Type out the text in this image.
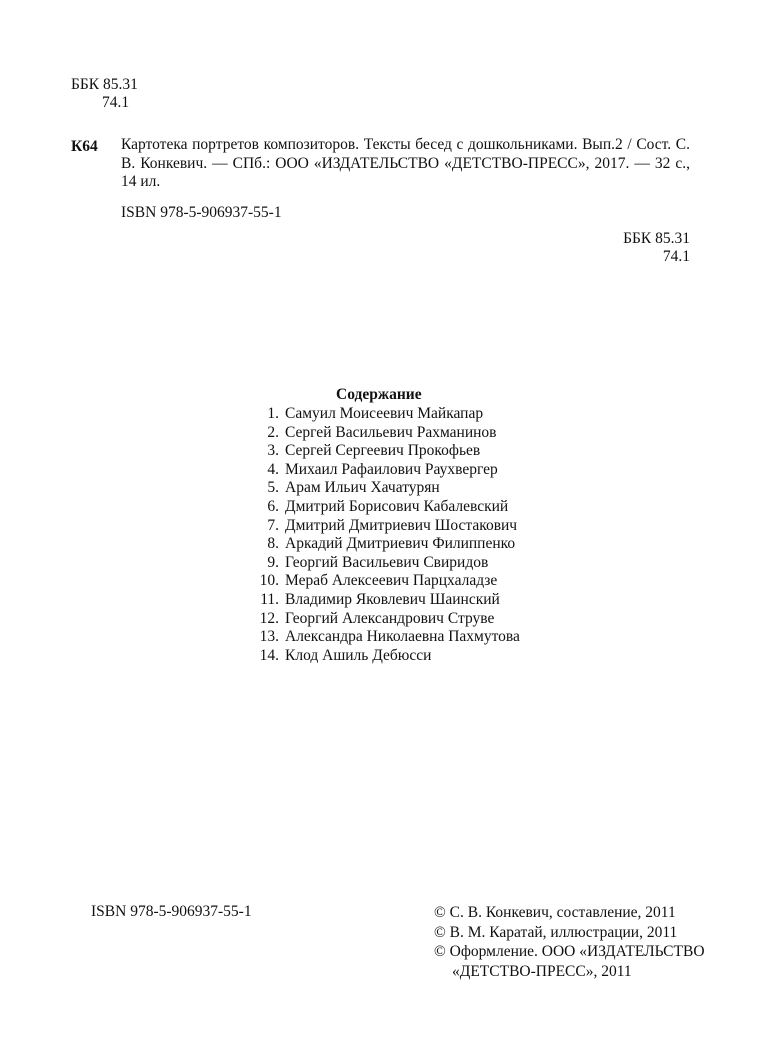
ББК 85.31
74.1
К64 Картотека портретов композиторов. Тексты бесед с дошкольниками. Вып.2 / Сост. С. В. Конкевич. — СПб.: ООО «ИЗДАТЕЛЬСТВО «ДЕТСТВО-ПРЕСС», 2017. — 32 с., 14 ил.
ISBN 978-5-906937-55-1
ББК 85.31
74.1
Содержание
1. Самуил Моисеевич Майкапар
2. Сергей Васильевич Рахманинов
3. Сергей Сергеевич Прокофьев
4. Михаил Рафаилович Раухвергер
5. Арам Ильич Хачатурян
6. Дмитрий Борисович Кабалевский
7. Дмитрий Дмитриевич Шостакович
8. Аркадий Дмитриевич Филиппенко
9. Георгий Васильевич Свиридов
10. Мераб Алексеевич Парцхаладзе
11. Владимир Яковлевич Шаинский
12. Георгий Александрович Струве
13. Александра Николаевна Пахмутова
14. Клод Ашиль Дебюсси
ISBN 978-5-906937-55-1	© С. В. Конкевич, составление, 2011
© В. М. Каратай, иллюстрации, 2011
© Оформление. ООО «ИЗДАТЕЛЬСТВО
«ДЕТСТВО-ПРЕСС», 2011
